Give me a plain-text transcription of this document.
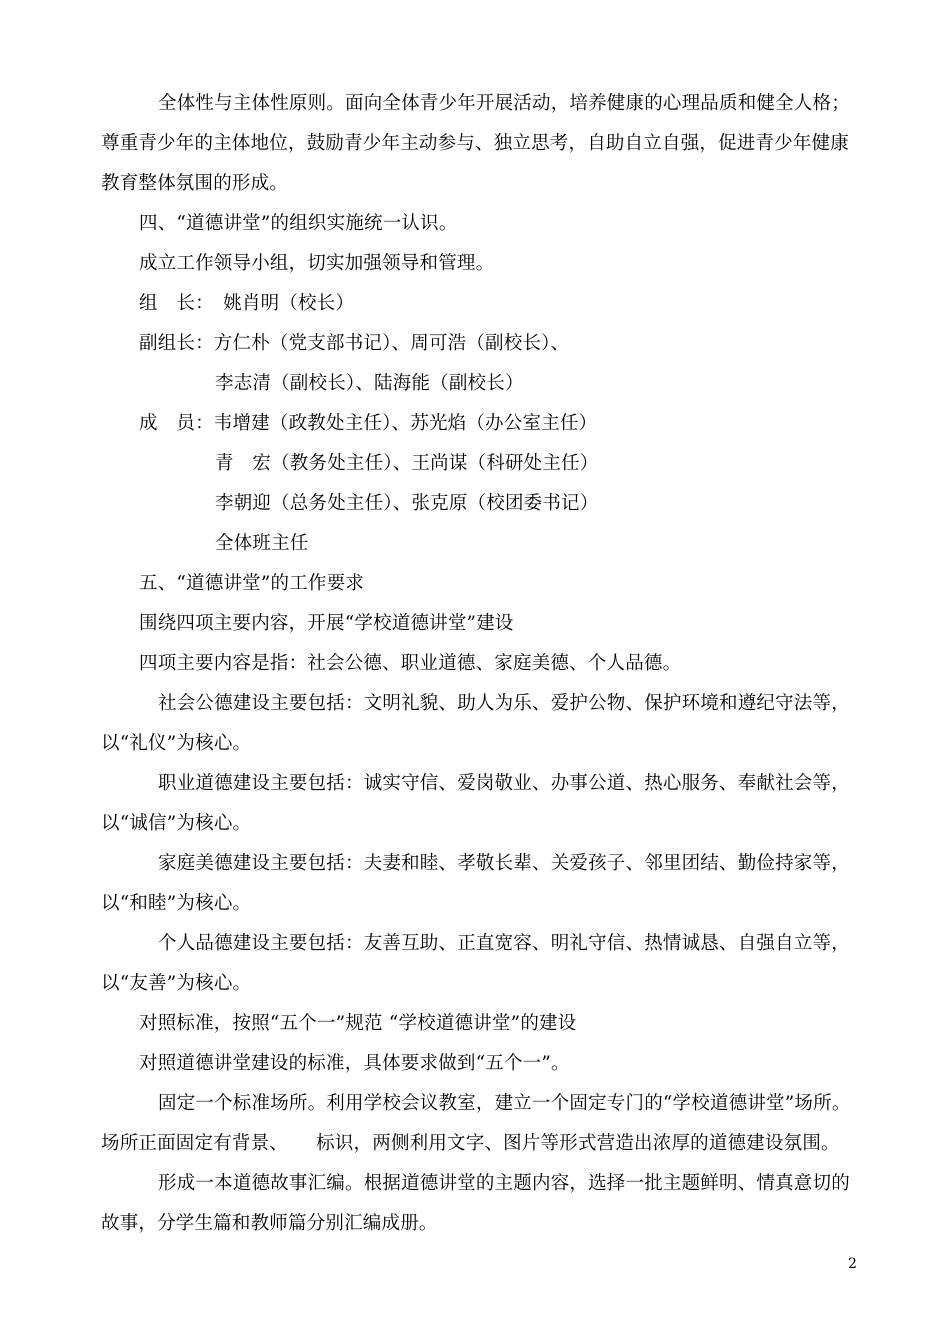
全体性与主体性原则。面向全体青少年开展活动，培养健康的心理品质和健全人格；
尊重青少年的主体地位，鼓励青少年主动参与、独立思考，自助自立自强，促进青少年健康
教育整体氛围的形成。
四、“道德讲堂”的组织实施统一认识。
成立工作领导小组，切实加强领导和管理。
组　长：　姚肖明（校长）
副组长：方仁朴（党支部书记）、周可浩（副校长）、
李志清（副校长）、陆海能（副校长）
成　员：韦增建（政教处主任）、苏光焰（办公室主任）
青　宏（教务处主任）、王尚谋（科研处主任）
李朝迎（总务处主任）、张克原（校团委书记）
全体班主任
五、“道德讲堂”的工作要求
围绕四项主要内容，开展“学校道德讲堂”建设
四项主要内容是指：社会公德、职业道德、家庭美德、个人品德。
社会公德建设主要包括：文明礼貌、助人为乐、爱护公物、保护环境和遵纪守法等，
以“礼仪”为核心。
职业道德建设主要包括：诚实守信、爱岗敬业、办事公道、热心服务、奉献社会等，
以“诚信”为核心。
家庭美德建设主要包括：夫妻和睦、孝敬长辈、关爱孩子、邻里团结、勤俭持家等，
以“和睦”为核心。
个人品德建设主要包括：友善互助、正直宽容、明礼守信、热情诚恳、自强自立等，
以“友善”为核心。
对照标准，按照“五个一”规范 “学校道德讲堂”的建设
对照道德讲堂建设的标准，具体要求做到“五个一”。
固定一个标准场所。利用学校会议教室，建立一个固定专门的“学校道德讲堂”场所。
场所正面固定有背景、　　标识，两侧利用文字、图片等形式营造出浓厚的道德建设氛围。
形成一本道德故事汇编。根据道德讲堂的主题内容，选择一批主题鲜明、情真意切的
故事，分学生篇和教师篇分别汇编成册。
2
